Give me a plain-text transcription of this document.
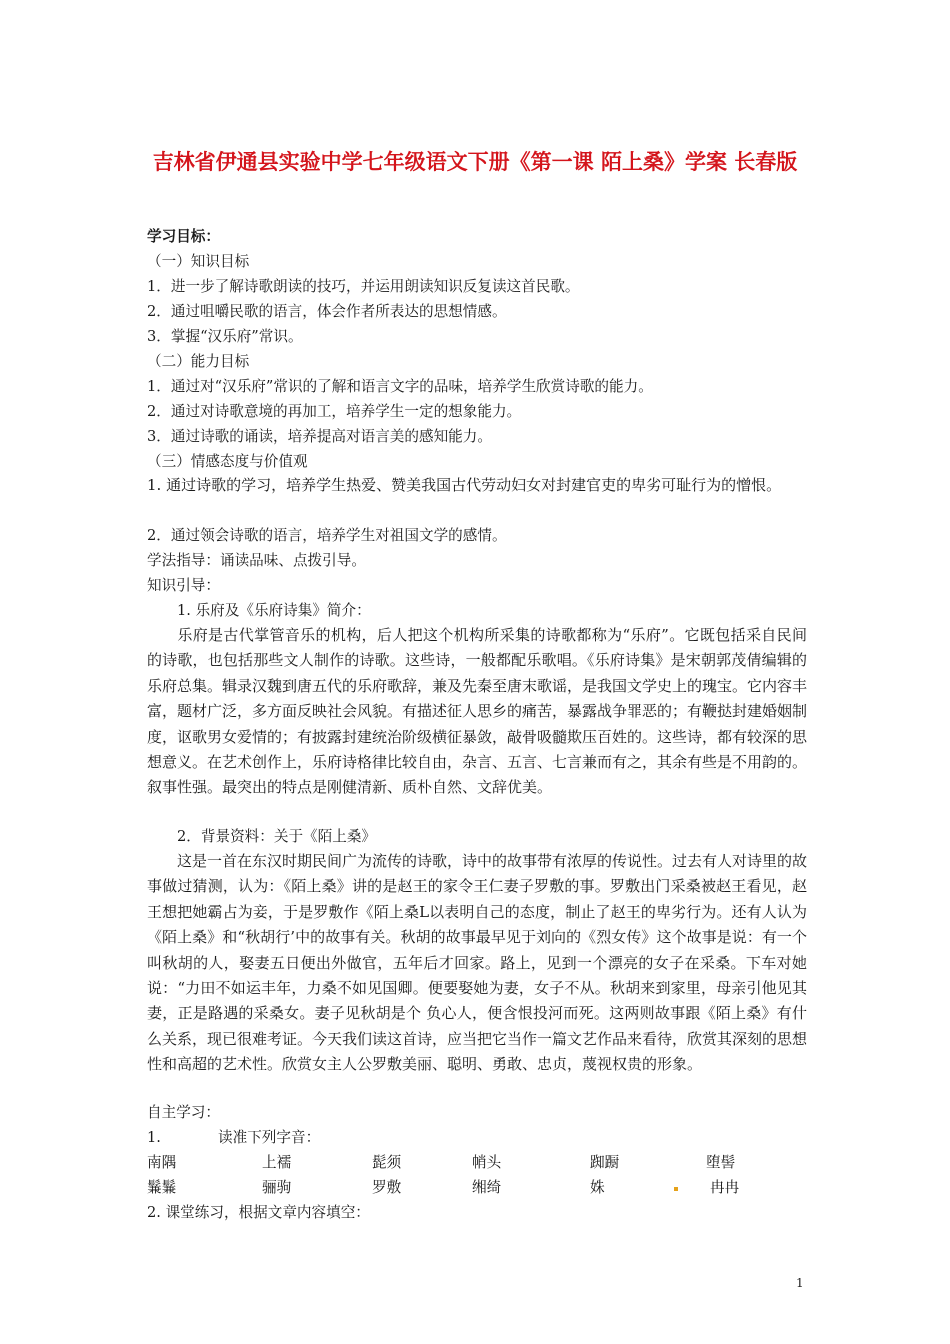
吉林省伊通县实验中学七年级语文下册《第一课 陌上桑》学案 长春版
学习目标：
（一）知识目标
1．进一步了解诗歌朗读的技巧，并运用朗读知识反复读这首民歌。
2．通过咀嚼民歌的语言，体会作者所表达的思想情感。
3．掌握“汉乐府”常识。
（二）能力目标
1．通过对“汉乐府”常识的了解和语言文字的品味，培养学生欣赏诗歌的能力。
2．通过对诗歌意境的再加工，培养学生一定的想象能力。
3．通过诗歌的诵读，培养提高对语言美的感知能力。
（三）情感态度与价值观
1. 通过诗歌的学习，培养学生热爱、赞美我国古代劳动妇女对封建官吏的卑劣可耻行为的憎恨。
2．通过领会诗歌的语言，培养学生对祖国文学的感情。
学法指导：诵读品味、点拨引导。
知识引导：
1. 乐府及《乐府诗集》简介：
乐府是古代掌管音乐的机构，后人把这个机构所采集的诗歌都称为“乐府”。它既包括采自民间的诗歌，也包括那些文人制作的诗歌。这些诗，一般都配乐歌唱。《乐府诗集》是宋朝郭茂倩编辑的乐府总集。辑录汉魏到唐五代的乐府歌辞，兼及先秦至唐末歌谣，是我国文学史上的瑰宝。它内容丰富，题材广泛，多方面反映社会风貌。有描述征人思乡的痛苦，暴露战争罪恶的；有鞭挞封建婚姻制度，讴歌男女爱情的；有披露封建统治阶级横征暴敛，敲骨吸髓欺压百姓的。这些诗，都有较深的思想意义。在艺术创作上，乐府诗格律比较自由，杂言、五言、七言兼而有之，其余有些是不用韵的。叙事性强。最突出的特点是刚健清新、质朴自然、文辞优美。
2．背景资料：关于《陌上桑》
这是一首在东汉时期民间广为流传的诗歌，诗中的故事带有浓厚的传说性。过去有人对诗里的故事做过猜测，认为：《陌上桑》讲的是赵王的家令王仁妻子罗敷的事。罗敷出门采桑被赵王看见，赵王想把她霸占为妾，于是罗敷作《陌上桑L以表明自己的态度，制止了赵王的卑劣行为。还有人认为《陌上桑》和“秋胡行’中的故事有关。秋胡的故事最早见于刘向的《烈女传》这个故事是说：有一个叫秋胡的人，娶妻五日便出外做官，五年后才回家。路上，见到一个漂亮的女子在采桑。下车对她说：“力田不如运丰年，力桑不如见国卿。便要娶她为妻，女子不从。秋胡来到家里，母亲引他见其妻，正是路遇的采桑女。妻子见秋胡是个 负心人，便含恨投河而死。这两则故事跟《陌上桑》有什么关系，现已很难考证。今天我们读这首诗，应当把它当作一篇文艺作品来看待，欣赏其深刻的思想性和高超的艺术性。欣赏女主人公罗敷美丽、聪明、勇敢、忠贞，蔑视权贵的形象。
自主学习：
1.	读准下列字音：
南隅	上襦	髭须	帩头	踟蹰	堕髻
鬑鬑	骊驹	罗敷	缃绮	姝	冉冉
2. 课堂练习，根据文章内容填空：
1
